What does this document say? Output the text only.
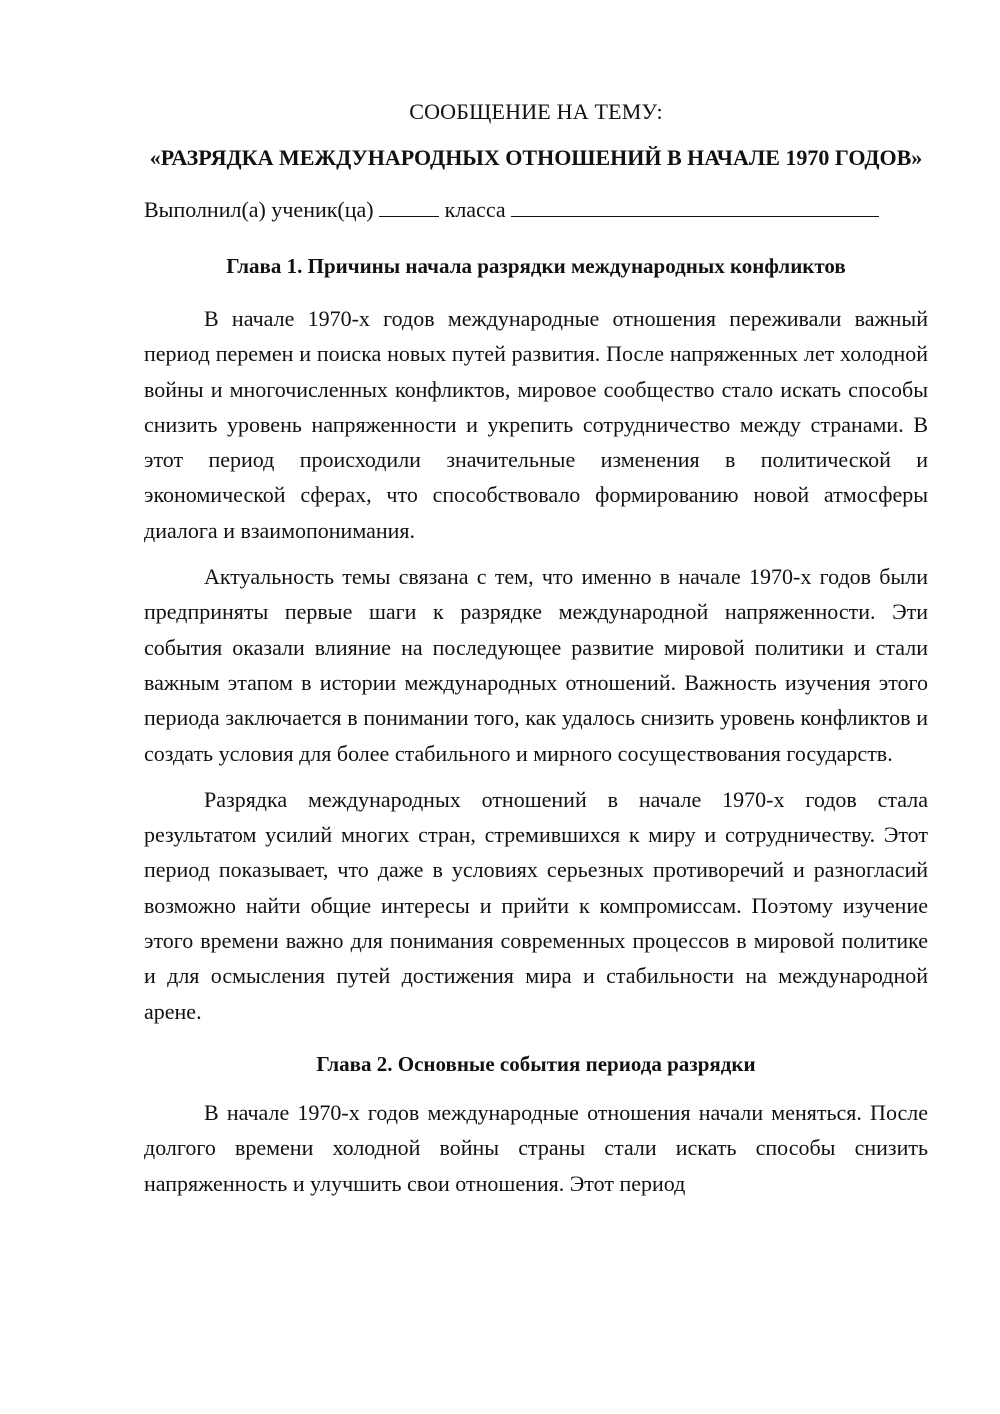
СООБЩЕНИЕ НА ТЕМУ:

«РАЗРЯДКА МЕЖДУНАРОДНЫХ ОТНОШЕНИЙ В НАЧАЛЕ 1970 ГОДОВ»

Выполнил(а) ученик(ца)	класса

Глава 1. Причины начала разрядки международных конфликтов

В начале 1970-х годов международные отношения переживали важный период перемен и поиска новых путей развития. После напряженных лет холодной войны и многочисленных конфликтов, мировое сообщество стало искать способы снизить уровень напряженности и укрепить сотрудничество между странами. В этот период происходили значительные изменения в политической и экономической сферах, что способствовало формированию новой атмосферы диалога и взаимопонимания.

Актуальность темы связана с тем, что именно в начале 1970-х годов были предприняты первые шаги к разрядке международной напряженности. Эти события оказали влияние на последующее развитие мировой политики и стали важным этапом в истории международных отношений. Важность изучения этого периода заключается в понимании того, как удалось снизить уровень конфликтов и создать условия для более стабильного и мирного сосуществования государств.

Разрядка международных отношений в начале 1970-х годов стала результатом усилий многих стран, стремившихся к миру и сотрудничеству. Этот период показывает, что даже в условиях серьезных противоречий и разногласий возможно найти общие интересы и прийти к компромиссам. Поэтому изучение этого времени важно для понимания современных процессов в мировой политике и для осмысления путей достижения мира и стабильности на международной арене.

Глава 2. Основные события периода разрядки

В начале 1970-х годов международные отношения начали меняться. После долгого времени холодной войны страны стали искать способы снизить напряженность и улучшить свои отношения. Этот период
